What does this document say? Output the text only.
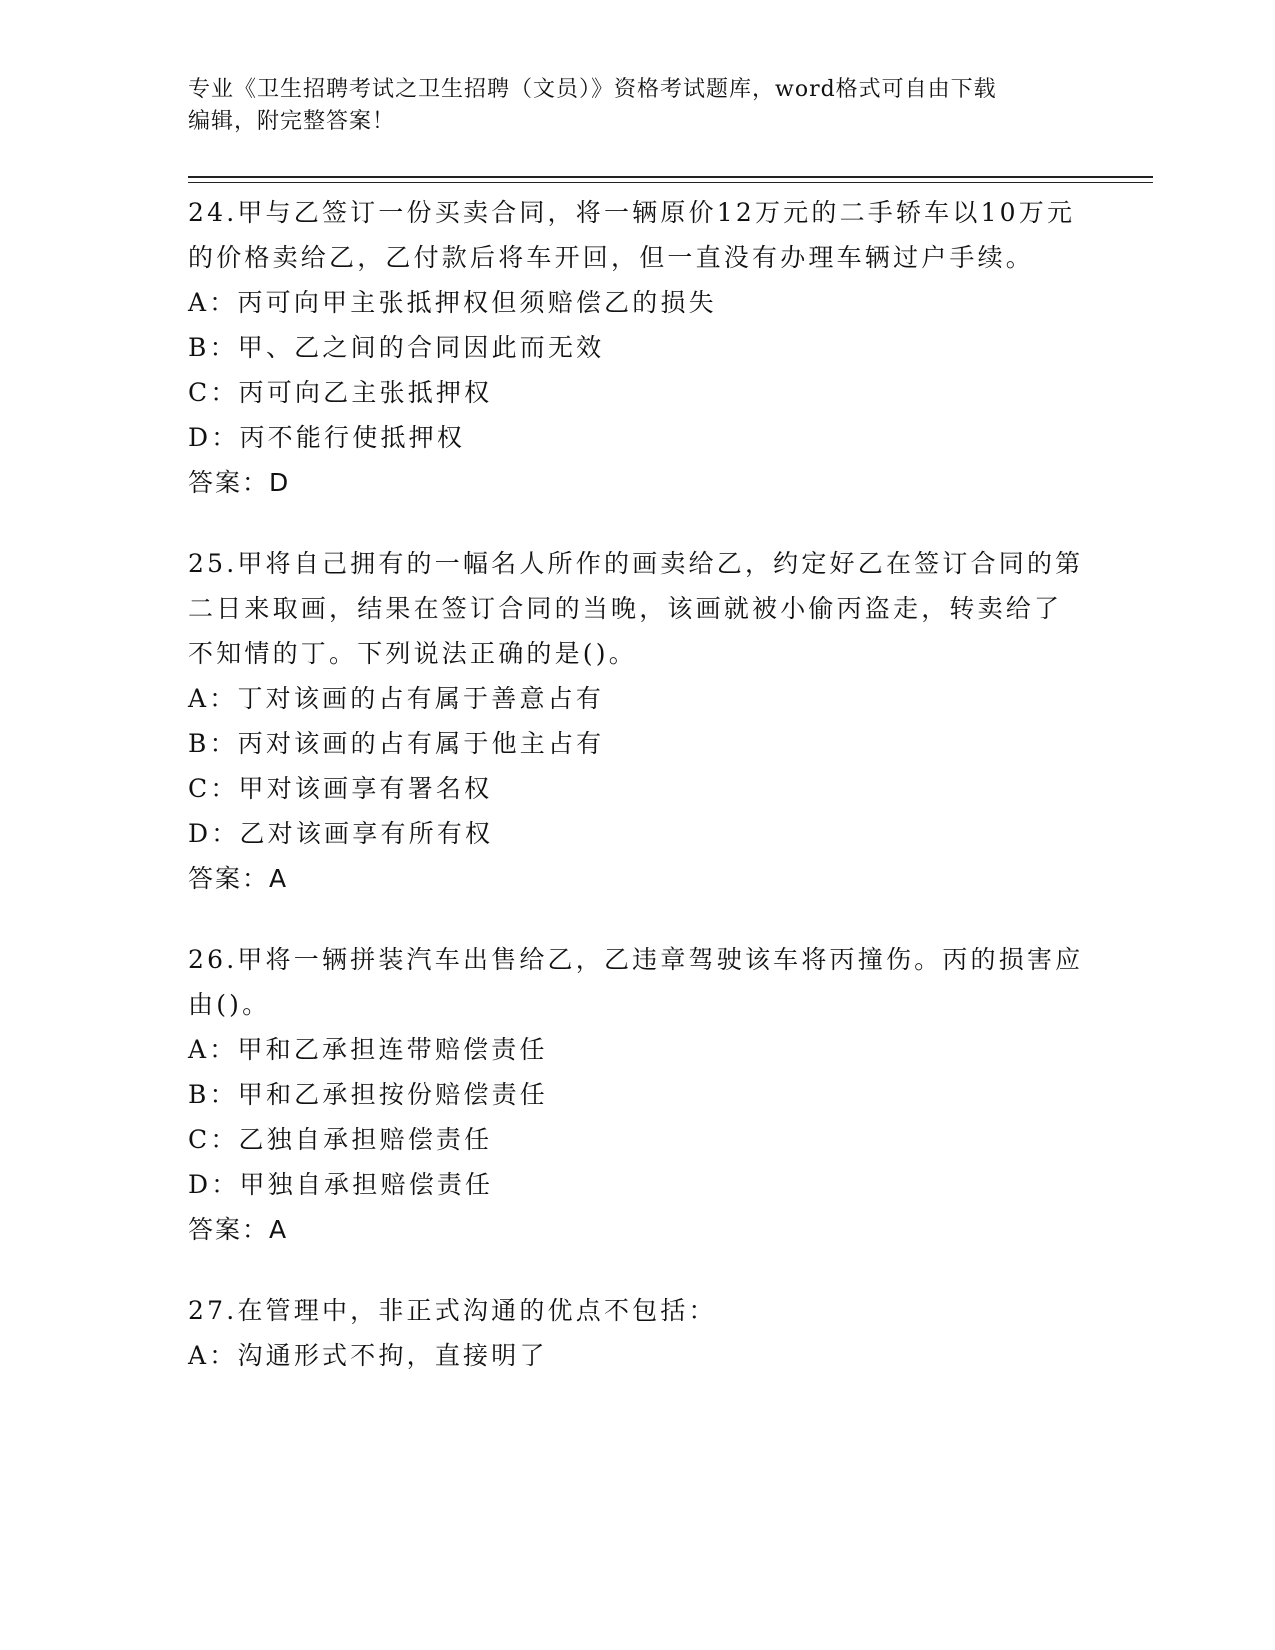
专业《卫生招聘考试之卫生招聘（文员）》资格考试题库，word格式可自由下载
编辑，附完整答案！

24.甲与乙签订一份买卖合同，将一辆原价12万元的二手轿车以10万元的价格卖给乙，乙付款后将车开回，但一直没有办理车辆过户手续。

A：丙可向甲主张抵押权但须赔偿乙的损失

B：甲、乙之间的合同因此而无效

C：丙可向乙主张抵押权

D：丙不能行使抵押权

答案：D

25.甲将自己拥有的一幅名人所作的画卖给乙，约定好乙在签订合同的第二日来取画，结果在签订合同的当晚，该画就被小偷丙盗走，转卖给了不知情的丁。下列说法正确的是()。

A：丁对该画的占有属于善意占有

B：丙对该画的占有属于他主占有

C：甲对该画享有署名权

D：乙对该画享有所有权

答案：A

26.甲将一辆拼装汽车出售给乙，乙违章驾驶该车将丙撞伤。丙的损害应由()。

A：甲和乙承担连带赔偿责任

B：甲和乙承担按份赔偿责任

C：乙独自承担赔偿责任

D：甲独自承担赔偿责任

答案：A

27.在管理中，非正式沟通的优点不包括：

A：沟通形式不拘，直接明了
